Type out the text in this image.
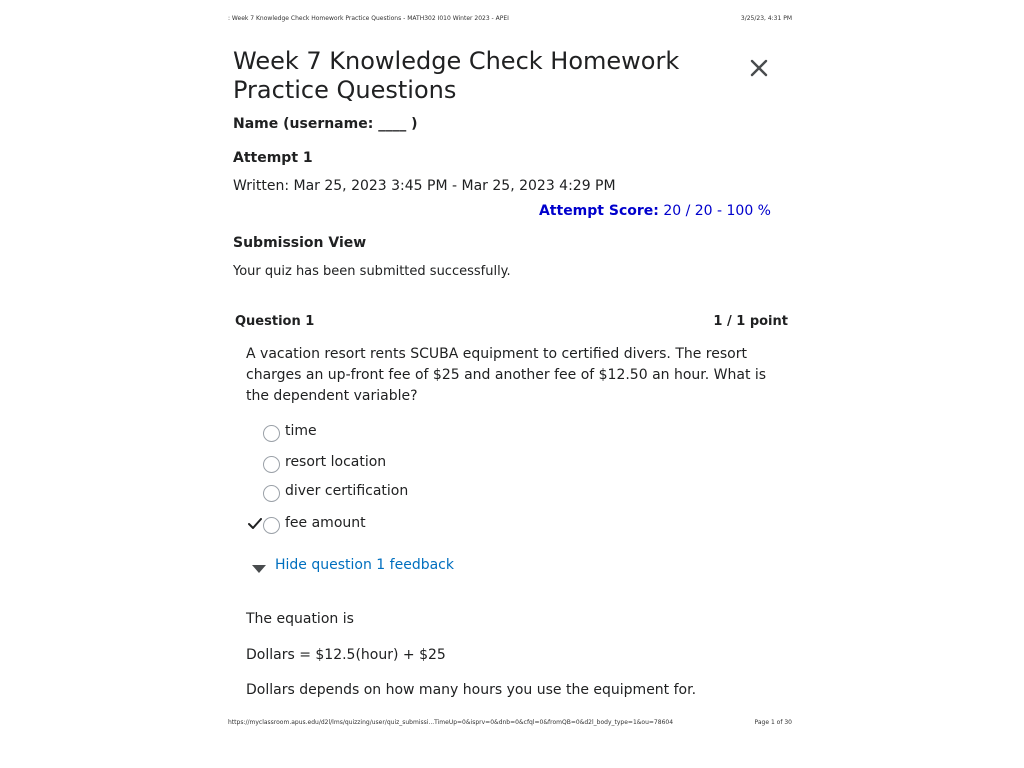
: Week 7 Knowledge Check Homework Practice Questions - MATH302 I010 Winter 2023 - APEI	3/25/23, 4:31 PM
Week 7 Knowledge Check Homework Practice Questions
Name (username: ____ )
Attempt 1
Written: Mar 25, 2023 3:45 PM - Mar 25, 2023 4:29 PM
Attempt Score: 20 / 20 - 100 %
Submission View
Your quiz has been submitted successfully.
Question 1	1 / 1 point

A vacation resort rents SCUBA equipment to certified divers. The resort charges an up-front fee of $25 and another fee of $12.50 an hour. What is the dependent variable?

time
resort location
diver certification
fee amount
Hide question 1 feedback

The equation is

Dollars = $12.5(hour) + $25

Dollars depends on how many hours you use the equipment for.

https://myclassroom.apus.edu/d2l/lms/quizzing/user/quiz_submissi...TimeUp=0&isprv=0&dnb=0&cfql=0&fromQB=0&d2l_body_type=1&ou=78604	Page 1 of 30
